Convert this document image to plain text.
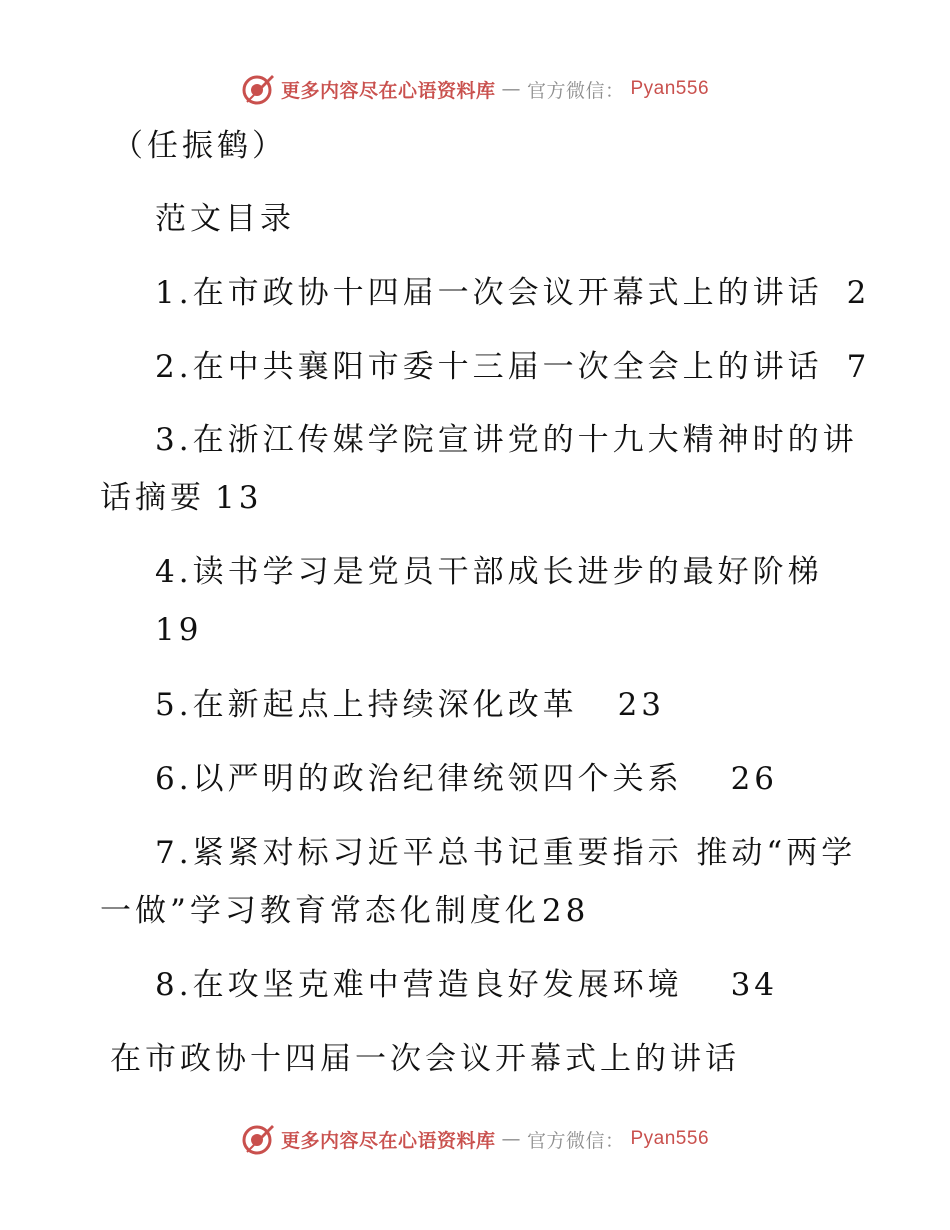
更多内容尽在心语资料库 — 官方微信： Pyan556
（任振鹤）
范文目录
1.在市政协十四届一次会议开幕式上的讲话 2
2.在中共襄阳市委十三届一次全会上的讲话 7
3.在浙江传媒学院宣讲党的十九大精神时的讲
话摘要 13
4.读书学习是党员干部成长进步的最好阶梯
19
5.在新起点上持续深化改革 23
6.以严明的政治纪律统领四个关系 26
7.紧紧对标习近平总书记重要指示 推动“两学
一做”学习教育常态化制度化28
8.在攻坚克难中营造良好发展环境 34
在市政协十四届一次会议开幕式上的讲话
更多内容尽在心语资料库 — 官方微信： Pyan556
